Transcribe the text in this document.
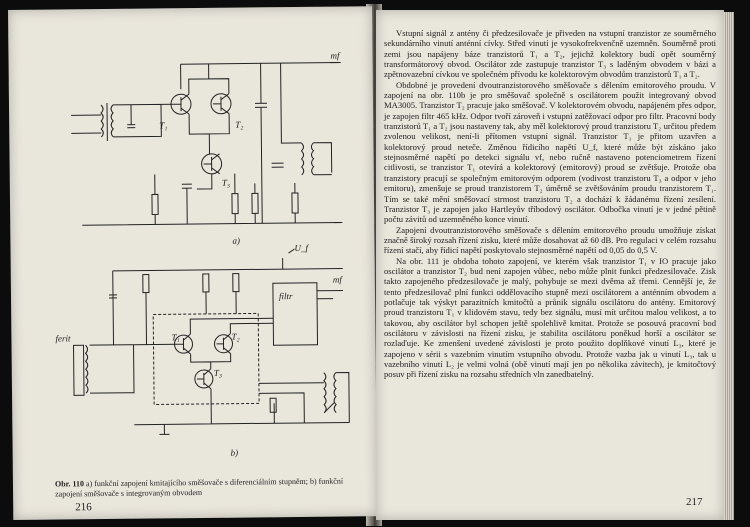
mf
T₁	T₂
T₃
a)
U_f
mf
filtr
ferit	T₁	T₂
T₃
b)
Obr. 110 a) funkční zapojení kmitajícího směšovače s diferenciálním stupněm; b) funkční zapojení směšovače s integrovaným obvodem
216

Vstupní signál z antény či předzesilovače je přiveden na vstupní tranzistor ze souměrného sekundárního vinutí anténní cívky. Střed vinutí je vysokofrekvenčně uzemněn. Souměrně proti zemi jsou napájeny báze tranzistorů T₁ a T₂, jejichž kolektory budí opět souměrný transformátorový obvod. Oscilátor zde zastupuje tranzistor T₃ s laděným obvodem v bázi a zpětnovazební cívkou ve společném přívodu ke kolektorovým obvodům tranzistorů T₁ a T₂.

Obdobné je provedení dvoutranzistorového směšovače s dělením emitorového proudu. V zapojení na obr. 110b je pro směšovač společně s oscilátorem použit integrovaný obvod MA3005. Tranzistor T₂ pracuje jako směšovač. V kolektorovém obvodu, napájeném přes odpor, je zapojen filtr 465 kHz. Odpor tvoří zároveň i vstupní zatěžovací odpor pro filtr. Pracovní body tranzistorů T₁ a T₂ jsou nastaveny tak, aby měl kolektorový proud tranzistoru T₂ určitou předem zvolenou velikost, není-li přítomen vstupní signál. Tranzistor T₁ je přitom uzavřen a kolektorový proud neteče. Změnou řídicího napětí U_f, které může být získáno jako stejnosměrné napětí po detekci signálu vf, nebo ručně nastaveno potenciometrem řízení citlivosti, se tranzistor T₁ otevírá a kolektorový (emitorový) proud se zvětšuje. Protože oba tranzistory pracují se společným emitorovým odporem (vodivost tranzistoru T₃ a odpor v jeho emitoru), zmenšuje se proud tranzistorem T₂ úměrně se zvětšováním proudu tranzistorem T₁. Tím se také mění směšovací strmost tranzistoru T₂ a dochází k žádanému řízení zesílení. Tranzistor T₃ je zapojen jako Hartleyův tříbodový oscilátor. Odbočka vinutí je v jedné pětině počtu závitů od uzemněného konce vinutí.

Zapojení dvoutranzistorového směšovače s dělením emitorového proudu umožňuje získat značně široký rozsah řízení zisku, které může dosahovat až 60 dB. Pro regulaci v celém rozsahu řízení stačí, aby řídicí napětí poskytovalo stejnosměrné napětí od 0,05 do 0,5 V.

Na obr. 111 je obdoba tohoto zapojení, ve kterém však tranzistor T₁ v IO pracuje jako oscilátor a tranzistor T₂ bud není zapojen vůbec, nebo může plnit funkci předzesilovače. Zisk takto zapojeného předzesilovače je malý, pohybuje se mezi dvěma až třemi. Cennější je, že tento předzesilovač plní funkci oddělovacího stupně mezi oscilátorem a anténním obvodem a potlačuje tak výskyt parazitních kmitočtů a průnik signálu oscilátoru do antény. Emitorový proud tranzistoru T₁ v klidovém stavu, tedy bez signálu, musí mít určitou malou velikost, a to takovou, aby oscilátor byl schopen ještě spolehlivě kmitat. Protože se posouvá pracovní bod oscilátoru v závislosti na řízení zisku, je stabilita oscilátoru poněkud horší a oscilátor se rozlaďuje. Ke zmenšení uvedené závislosti je proto použito doplňkové vinutí L₃, které je zapojeno v sérii s vazebním vinutím vstupního obvodu. Protože vazba jak u vinutí L₃, tak u vazebního vinutí L₂ je velmi volná (obě vinutí mají jen po několika závitech), je kmitočtový posuv při řízení zisku na rozsahu středních vln zanedbatelný.

217
